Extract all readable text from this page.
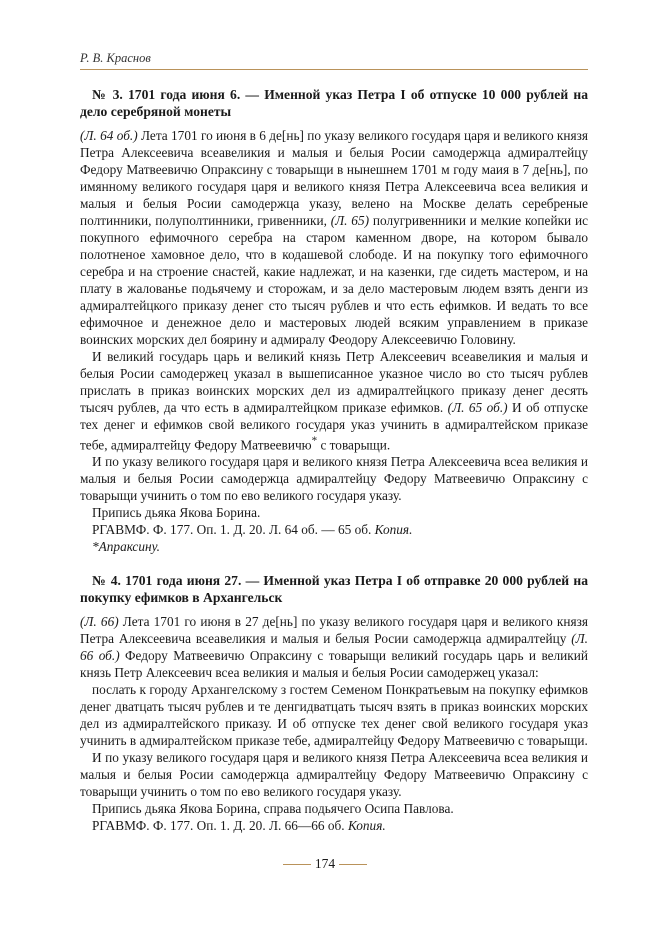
Р. В. Краснов

№ 3. 1701 года июня 6. — Именной указ Петра I об отпуске 10 000 рублей на дело серебряной монеты

(Л. 64 об.) Лета 1701 го июня в 6 де[нь] по указу великого государя царя и великого князя Петра Алексеевича всеавеликия и малыя и белыя Росии самодержца адмиралтейцу Федору Матвеевичю Опраксину с товарыщи в нынешнем 1701 м году маия в 7 де[нь], по имянному великого государя царя и великого князя Петра Алексеевича всеа великия и малыя и белыя Росии самодержца указу, велено на Москве делать серебреные полтинники, полуполтинники, гривенники, (Л. 65) полугривенники и мелкие копейки ис покупного ефимочного серебра на старом каменном дворе, на котором бывало полотненое хамовное дело, что в кодашевой слободе. И на покупку того ефимочного серебра и на строение снастей, какие надлежат, и на казенки, где сидеть мастером, и на плату в жалованье подьячему и сторожам, и за дело мастеровым людем взять денги из адмиралтейцкого приказу денег сто тысяч рублев и что есть ефимков. И ведать то все ефимочное и денежное дело и мастеровых людей всяким управлением в приказе воинских морских дел боярину и адмиралу Феодору Алексеевичю Головину.

И великий государь царь и великий князь Петр Алексеевич всеавеликия и малыя и белыя Росии самодержец указал в вышеписанное указное число во сто тысяч рублев прислать в приказ воинских морских дел из адмиралтейцкого приказу денег десять тысяч рублев, да что есть в адмиралтейцком приказе ефимков. (Л. 65 об.) И об отпуске тех денег и ефимков свой великого государя указ учинить в адмиралтейском приказе тебе, адмиралтейцу Федору Матвеевичю* с товарыщи.

И по указу великого государя царя и великого князя Петра Алексеевича всеа великия и малыя и белыя Росии самодержца адмиралтейцу Федору Матвеевичю Опраксину с товарыщи учинить о том по ево великого государя указу.

Припись дьяка Якова Борина.

РГАВМФ. Ф. 177. Оп. 1. Д. 20. Л. 64 об. — 65 об. Копия.

*Апраксину.

№ 4. 1701 года июня 27. — Именной указ Петра I об отправке 20 000 рублей на покупку ефимков в Архангельск

(Л. 66) Лета 1701 го июня в 27 де[нь] по указу великого государя царя и великого князя Петра Алексеевича всеавеликия и малыя и белыя Росии самодержца адмиралтейцу (Л. 66 об.) Федору Матвеевичю Опраксину с товарыщи великий государь царь и великий князь Петр Алексеевич всеа великия и малыя и белыя Росии самодержец указал:

послать к городу Архангелскому з гостем Семеном Понкратьевым на покупку ефимков денег дватцать тысяч рублев и те денгидватцать тысяч взять в приказ воинских морских дел из адмиралтейского приказу. И об отпуске тех денег свой великого государя указ учинить в адмиралтейском приказе тебе, адмиралтейцу Федору Матвеевичю с товарыщи.

И по указу великого государя царя и великого князя Петра Алексеевича всеа великия и малыя и белыя Росии самодержца адмиралтейцу Федору Матвеевичю Опраксину с товарыщи учинить о том по ево великого государя указу.

Припись дьяка Якова Борина, справа подьячего Осипа Павлова.

РГАВМФ. Ф. 177. Оп. 1. Д. 20. Л. 66—66 об. Копия.

174
